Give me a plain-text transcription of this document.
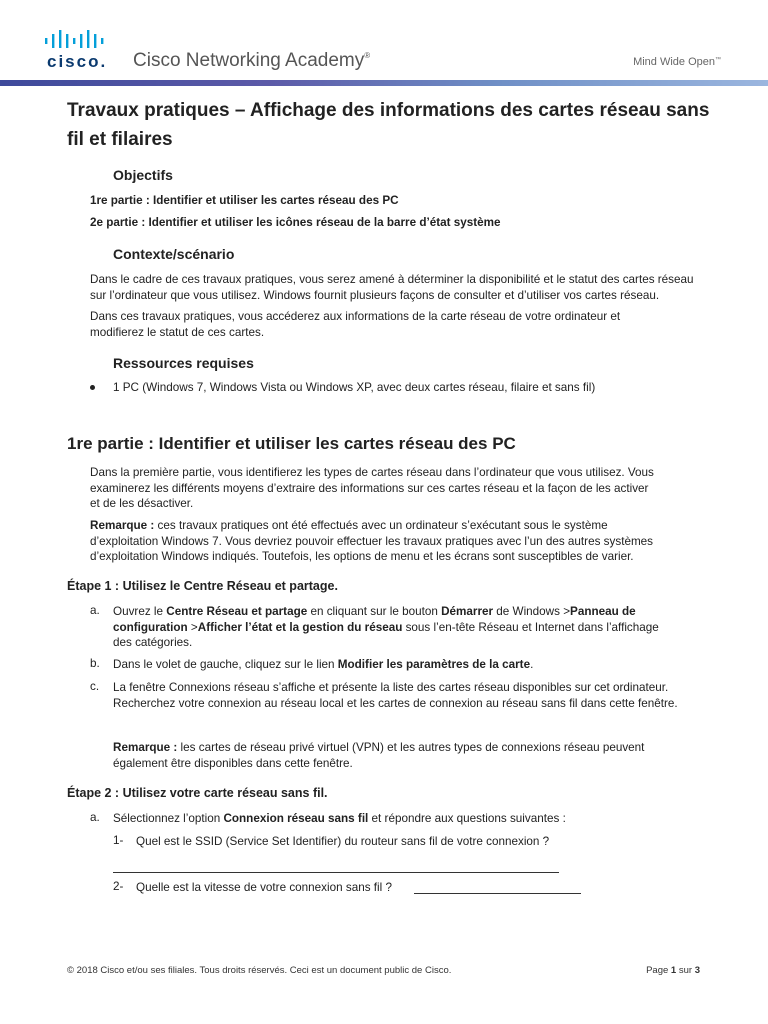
cisco. Cisco Networking Academy®

Mind Wide Open™

Travaux pratiques – Affichage des informations des cartes réseau sans fil et filaires
Objectifs

1re partie : Identifier et utiliser les cartes réseau des PC

2e partie : Identifier et utiliser les icônes réseau de la barre d’état système

Contexte/scénario

Dans le cadre de ces travaux pratiques, vous serez amené à déterminer la disponibilité et le statut des cartes réseau
sur l’ordinateur que vous utilisez. Windows fournit plusieurs façons de consulter et d’utiliser vos cartes réseau.

Dans ces travaux pratiques, vous accéderez aux informations de la carte réseau de votre ordinateur et
modifierez le statut de ces cartes.

Ressources requises

1 PC (Windows 7, Windows Vista ou Windows XP, avec deux cartes réseau, filaire et sans fil)

1re partie : Identifier et utiliser les cartes réseau des PC

Dans la première partie, vous identifierez les types de cartes réseau dans l’ordinateur que vous utilisez. Vous
examinerez les différents moyens d’extraire des informations sur ces cartes réseau et la façon de les activer
et de les désactiver.

Remarque : ces travaux pratiques ont été effectués avec un ordinateur s’exécutant sous le système
d’exploitation Windows 7. Vous devriez pouvoir effectuer les travaux pratiques avec l’un des autres systèmes
d’exploitation Windows indiqués. Toutefois, les options de menu et les écrans sont susceptibles de varier.

Étape 1 : Utilisez le Centre Réseau et partage.

a. Ouvrez le Centre Réseau et partage en cliquant sur le bouton Démarrer de Windows >Panneau de
configuration >Afficher l’état et la gestion du réseau sous l’en-tête Réseau et Internet dans l’affichage
des catégories.

b. Dans le volet de gauche, cliquez sur le lien Modifier les paramètres de la carte.

c. La fenêtre Connexions réseau s’affiche et présente la liste des cartes réseau disponibles sur cet ordinateur.
Recherchez votre connexion au réseau local et les cartes de connexion au réseau sans fil dans cette fenêtre.

Remarque : les cartes de réseau privé virtuel (VPN) et les autres types de connexions réseau peuvent
également être disponibles dans cette fenêtre.

Étape 2 : Utilisez votre carte réseau sans fil.

a. Sélectionnez l’option Connexion réseau sans fil et répondre aux questions suivantes :

1- Quel est le SSID (Service Set Identifier) du routeur sans fil de votre connexion ?

2- Quelle est la vitesse de votre connexion sans fil ?

© 2018 Cisco et/ou ses filiales. Tous droits réservés. Ceci est un document public de Cisco.	Page 1 sur 3
